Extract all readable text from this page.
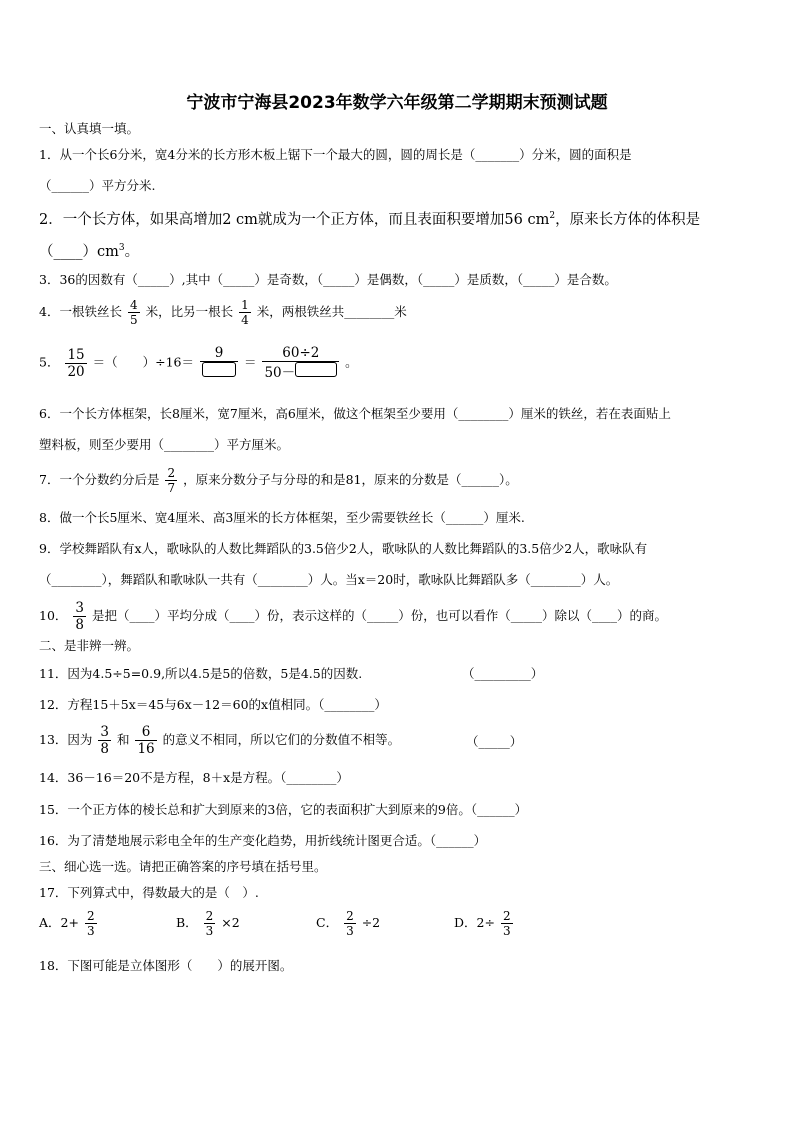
宁波市宁海县2023年数学六年级第二学期期末预测试题
一、认真填一填。
1．从一个长6分米，宽4分米的长方形木板上锯下一个最大的圆，圆的周长是（_______）分米，圆的面积是
（______）平方分米.
2．一个长方体，如果高增加2 cm就成为一个正方体，而且表面积要增加56 $cm^2$，原来长方体的体积是
$(\_\_\_\_)cm^3$。
3．36的因数有（_____）,其中（_____）是奇数，（_____）是偶数，（_____）是质数，（_____）是合数。
4．一根铁丝长 $\frac{4}{5}$ 米，比另一根长 $\frac{1}{4}$ 米，两根铁丝共________米
5． $\frac{15}{20}$ ＝（　　）÷16＝
9
＝ $\frac{60\div 2}{50-}$ 。
6．一个长方体框架，长8厘米，宽7厘米，高6厘米，做这个框架至少要用（________）厘米的铁丝，若在表面贴上
塑料板，则至少要用（________）平方厘米。
7．一个分数约分后是 $\frac{2}{7}$ ，原来分数分子与分母的和是81，原来的分数是（______）。
8．做一个长5厘米、宽4厘米、高3厘米的长方体框架，至少需要铁丝长（______）厘米.
9．学校舞蹈队有x人，歌咏队的人数比舞蹈队的3.5倍少2人，歌咏队的人数比舞蹈队的3.5倍少2人，歌咏队有
（________），舞蹈队和歌咏队一共有（________）人。当x＝20时，歌咏队比舞蹈队多（________）人。
10． $\frac{3}{8}$ 是把（____）平均分成（____）份，表示这样的（_____）份，也可以看作（_____）除以（____）的商。
二、是非辨一辨。
11．因为4.5÷5=0.9,所以4.5是5的倍数，5是4.5的因数.	（_________）
12．方程15＋5x＝45与6x－12＝60的x值相同。（________）
13．因为 $\frac{3}{8}$ 和 $\frac{6}{16}$ 的意义不相同，所以它们的分数值不相等。	（_____）
14．36－16＝20不是方程，8＋x是方程。（________）
15．一个正方体的棱长总和扩大到原来的3倍，它的表面积扩大到原来的9倍。（______）
16．为了清楚地展示彩电全年的生产变化趋势，用折线统计图更合适。（______）
三、细心选一选。请把正确答案的序号填在括号里。
17．下列算式中，得数最大的是（　）.
A．$2+ \frac{2}{3}$	B． $\frac{2}{3} \times 2$	C． $\frac{2}{3} \div 2$	D．$2\div \frac{2}{3}$
18．下图可能是立体图形（　　）的展开图。
